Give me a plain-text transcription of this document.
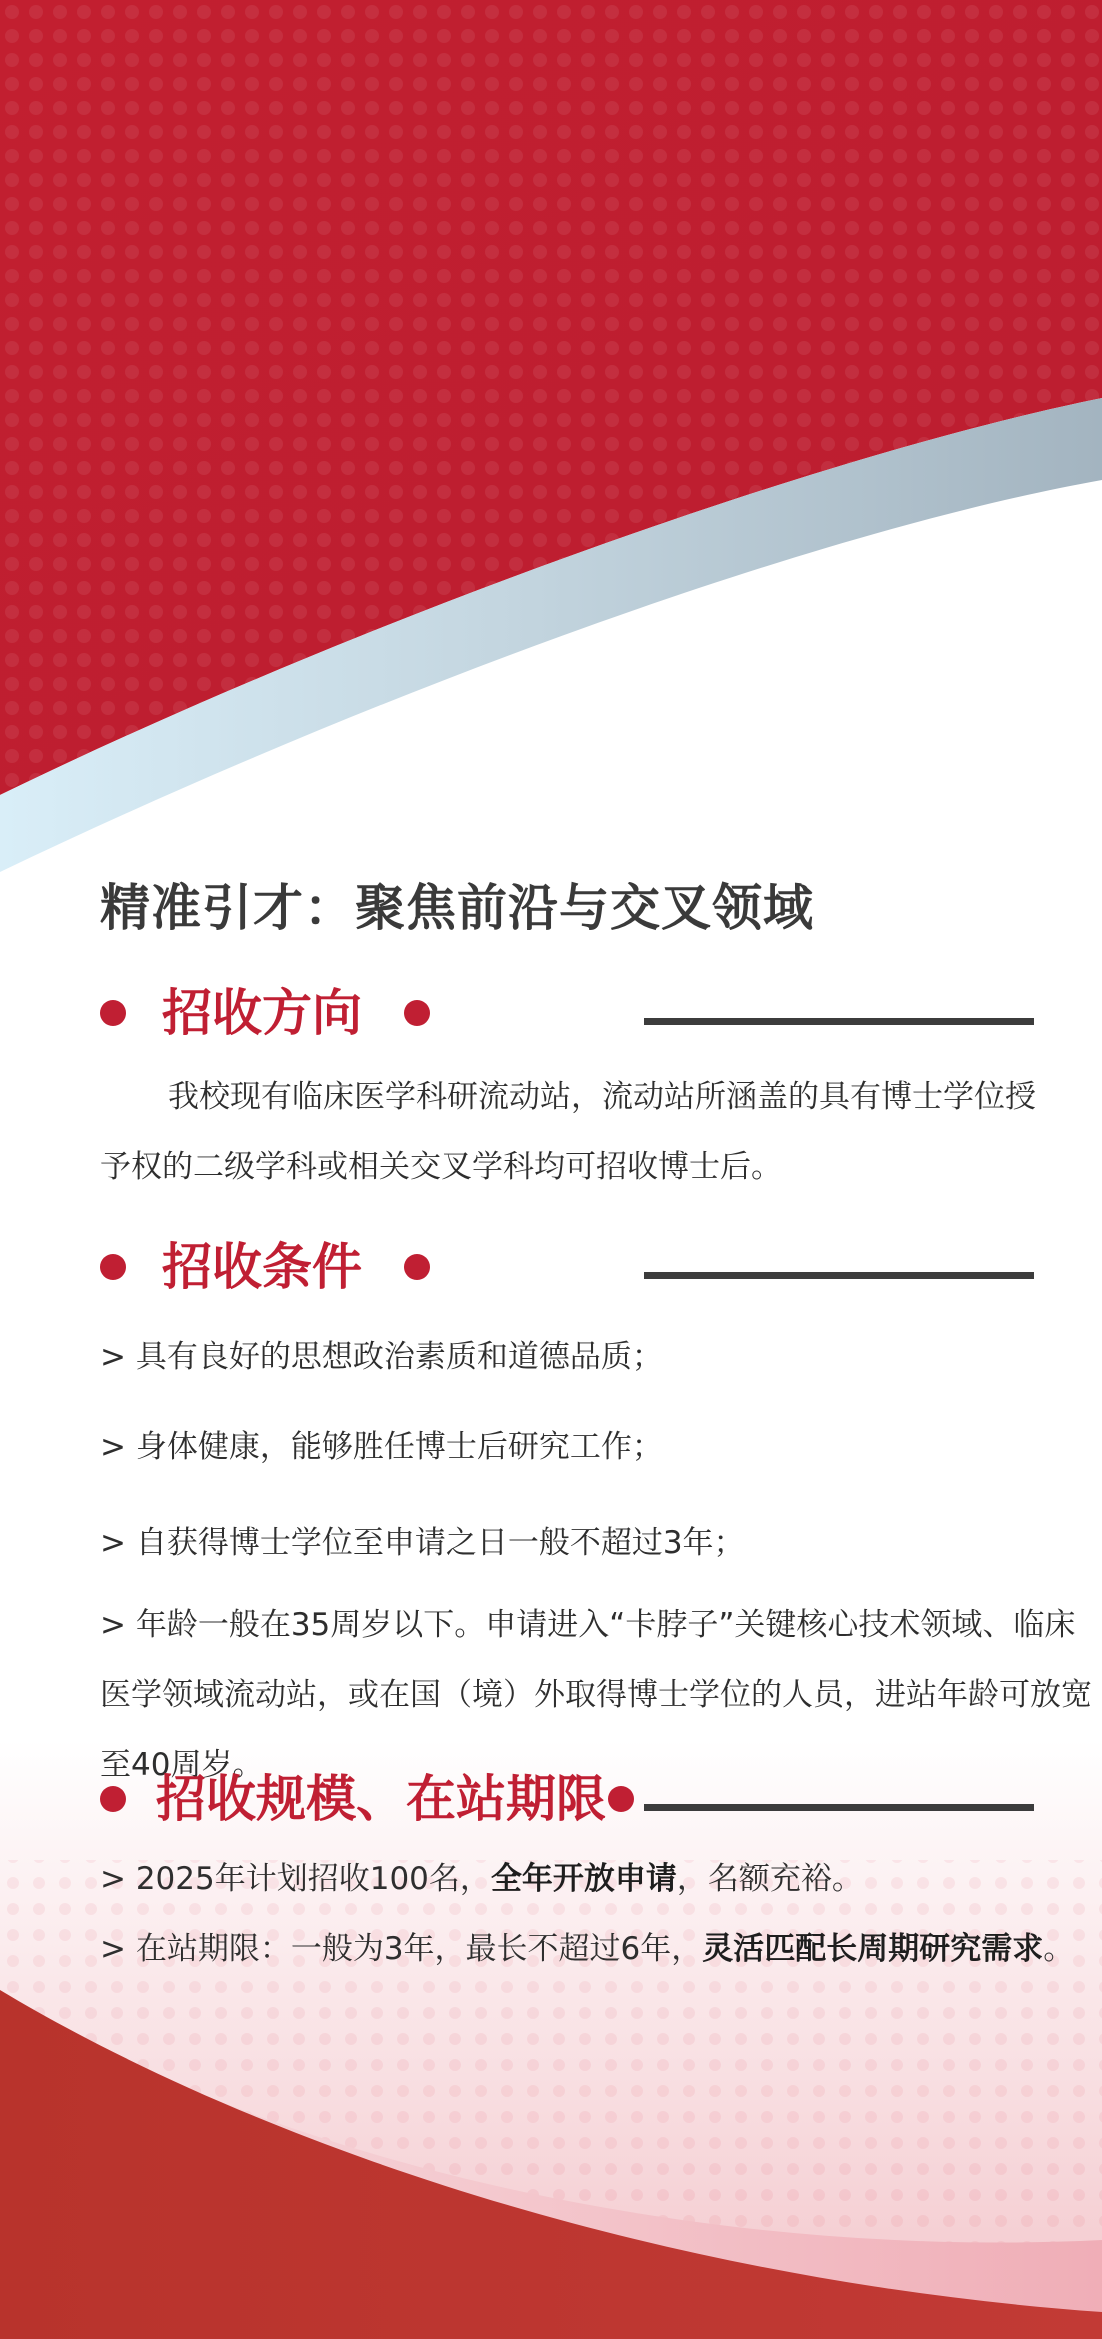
精准引才：聚焦前沿与交叉领域
招收方向
我校现有临床医学科研流动站，流动站所涵盖的具有博士学位授予权的二级学科或相关交叉学科均可招收博士后。
招收条件
> 具有良好的思想政治素质和道德品质；
> 身体健康，能够胜任博士后研究工作；
> 自获得博士学位至申请之日一般不超过3年；
> 年龄一般在35周岁以下。申请进入“卡脖子”关键核心技术领域、临床医学领域流动站，或在国（境）外取得博士学位的人员，进站年龄可放宽至40周岁。
招收规模、在站期限
> 2025年计划招收100名，全年开放申请，名额充裕。
> 在站期限：一般为3年，最长不超过6年，灵活匹配长周期研究需求。
